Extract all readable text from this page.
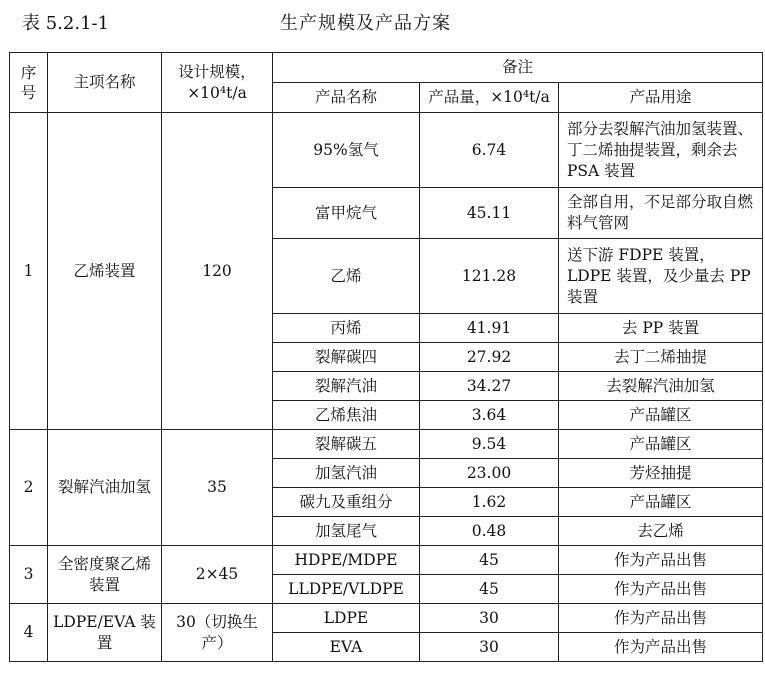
表 5.2.1-1	生产规模及产品方案
序号	主项名称	设计规模，×10⁴t/a	备注		
			产品名称	产品量，×10⁴t/a	产品用途
1	乙烯装置	120	95%氢气	6.74	部分去裂解汽油加氢装置、丁二烯抽提装置，剩余去 PSA 装置
			富甲烷气	45.11	全部自用，不足部分取自燃料气管网
			乙烯	121.28	送下游 FDPE 装置，LDPE 装置，及少量去 PP 装置
			丙烯	41.91	去 PP 装置
			裂解碳四	27.92	去丁二烯抽提
			裂解汽油	34.27	去裂解汽油加氢
			乙烯焦油	3.64	产品罐区
2	裂解汽油加氢	35	裂解碳五	9.54	产品罐区
			加氢汽油	23.00	芳烃抽提
			碳九及重组分	1.62	产品罐区
			加氢尾气	0.48	去乙烯
3	全密度聚乙烯装置	2×45	HDPE/MDPE	45	作为产品出售
			LLDPE/VLDPE	45	作为产品出售
4	LDPE/EVA 装置	30（切换生产）	LDPE	30	作为产品出售
			EVA	30	作为产品出售
